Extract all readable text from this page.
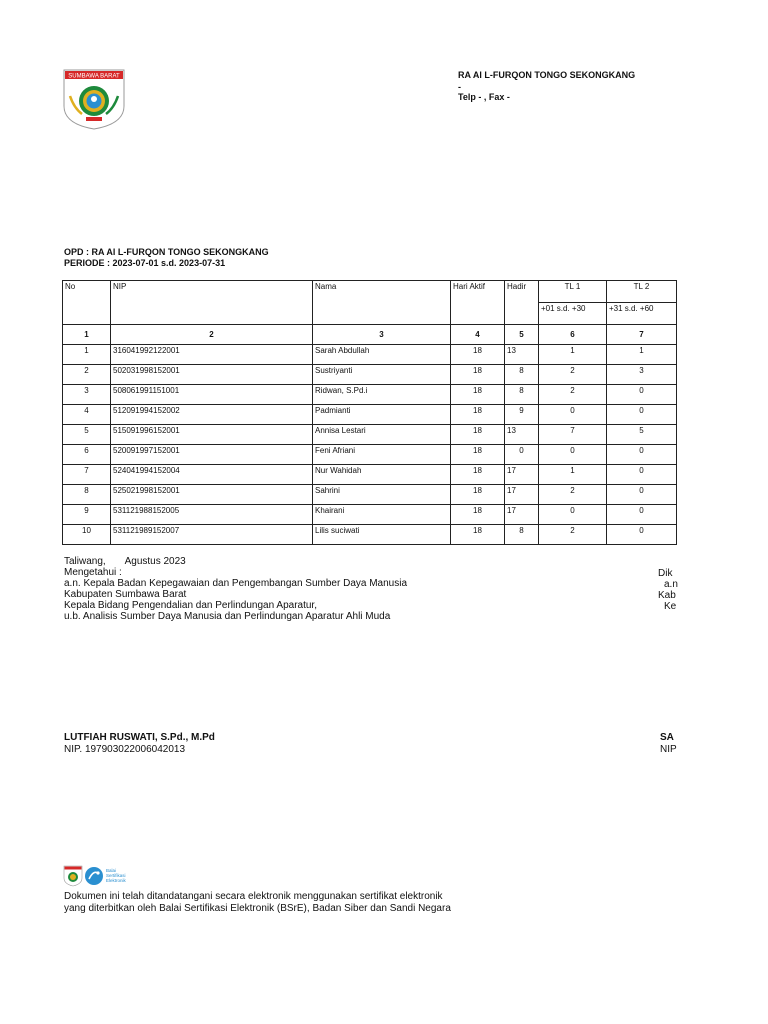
SUMBAWA BARAT	RA Al L-FURQON TONGO SEKONGKANG
-
Telp - , Fax -
OPD : RA Al L-FURQON TONGO SEKONGKANG
PERIODE : 2023-07-01 s.d. 2023-07-31
No	NIP	Nama	Hari Aktif	Hadir	TL 1	TL 2
					+01 s.d. +30	+31 s.d. +60
1	2	3	4	5	6	7
1	316041992122001	Sarah Abdullah	18	13	1	1
2	502031998152001	Sustriyanti	18	8	2	3
3	508061991151001	Ridwan, S.Pd.i	18	8	2	0
4	512091994152002	Padmianti	18	9	0	0
5	515091996152001	Annisa Lestari	18	13	7	5
6	520091997152001	Feni Afriani	18	0	0	0
7	524041994152004	Nur Wahidah	18	17	1	0
8	525021998152001	Sahrini	18	17	2	0
9	531121988152005	Khairani	18	17	0	0
10	531121989152007	Lilis suciwati	18	8	2	0
Taliwang,       Agustus 2023
Mengetahui :
a.n. Kepala Badan Kepegawaian dan Pengembangan Sumber Daya Manusia
Kabupaten Sumbawa Barat
Kepala Bidang Pengendalian dan Perlindungan Aparatur,
u.b. Analisis Sumber Daya Manusia dan Perlindungan Aparatur Ahli Muda
Dik
a.n
Kab
Ke
LUTFIAH RUSWATI, S.Pd., M.Pd
NIP. 197903022006042013
SA
NIP
Balai
Sertifikasi
Elektronik
Dokumen ini telah ditandatangani secara elektronik menggunakan sertifikat elektronik
yang diterbitkan oleh Balai Sertifikasi Elektronik (BSrE), Badan Siber dan Sandi Negara
